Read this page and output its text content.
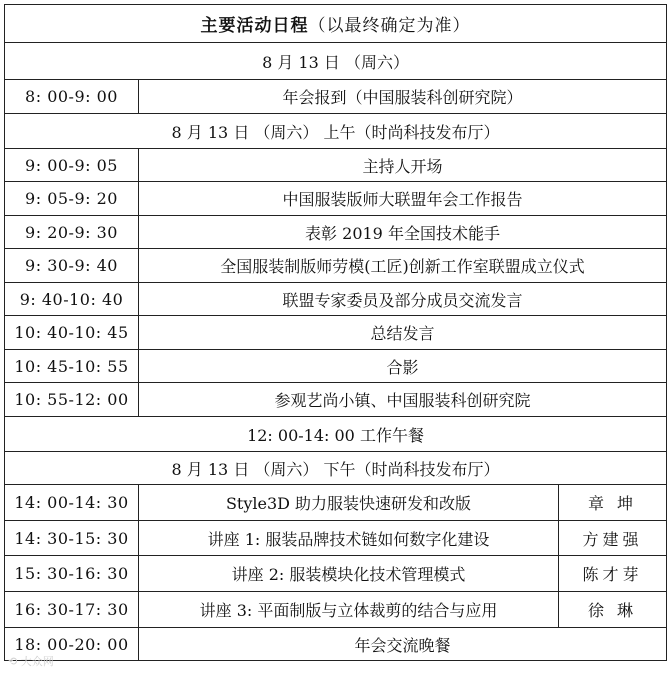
主要活动日程（以最终确定为准）		
8 月 13 日 （周六）		
8: 00-9: 00	年会报到（中国服装科创研究院）	
8 月 13 日 （周六） 上午（时尚科技发布厅）		
9: 00-9: 05	主持人开场	
9: 05-9: 20	中国服装版师大联盟年会工作报告	
9: 20-9: 30	表彰 2019 年全国技术能手	
9: 30-9: 40	全国服装制版师劳模(工匠)创新工作室联盟成立仪式	
9: 40-10: 40	联盟专家委员及部分成员交流发言	
10: 40-10: 45	总结发言	
10: 45-10: 55	合影	
10: 55-12: 00	参观艺尚小镇、中国服装科创研究院	
12: 00-14: 00 工作午餐		
8 月 13 日 （周六） 下午（时尚科技发布厅）		
14: 00-14: 30	Style3D 助力服装快速研发和改版	章 坤
14: 30-15: 30	讲座 1: 服装品牌技术链如何数字化建设	方建强
15: 30-16: 30	讲座 2: 服装模块化技术管理模式	陈才芽
16: 30-17: 30	讲座 3: 平面制版与立体裁剪的结合与应用	徐 琳
18: 00-20: 00	年会交流晚餐	
⟲ 大众网
